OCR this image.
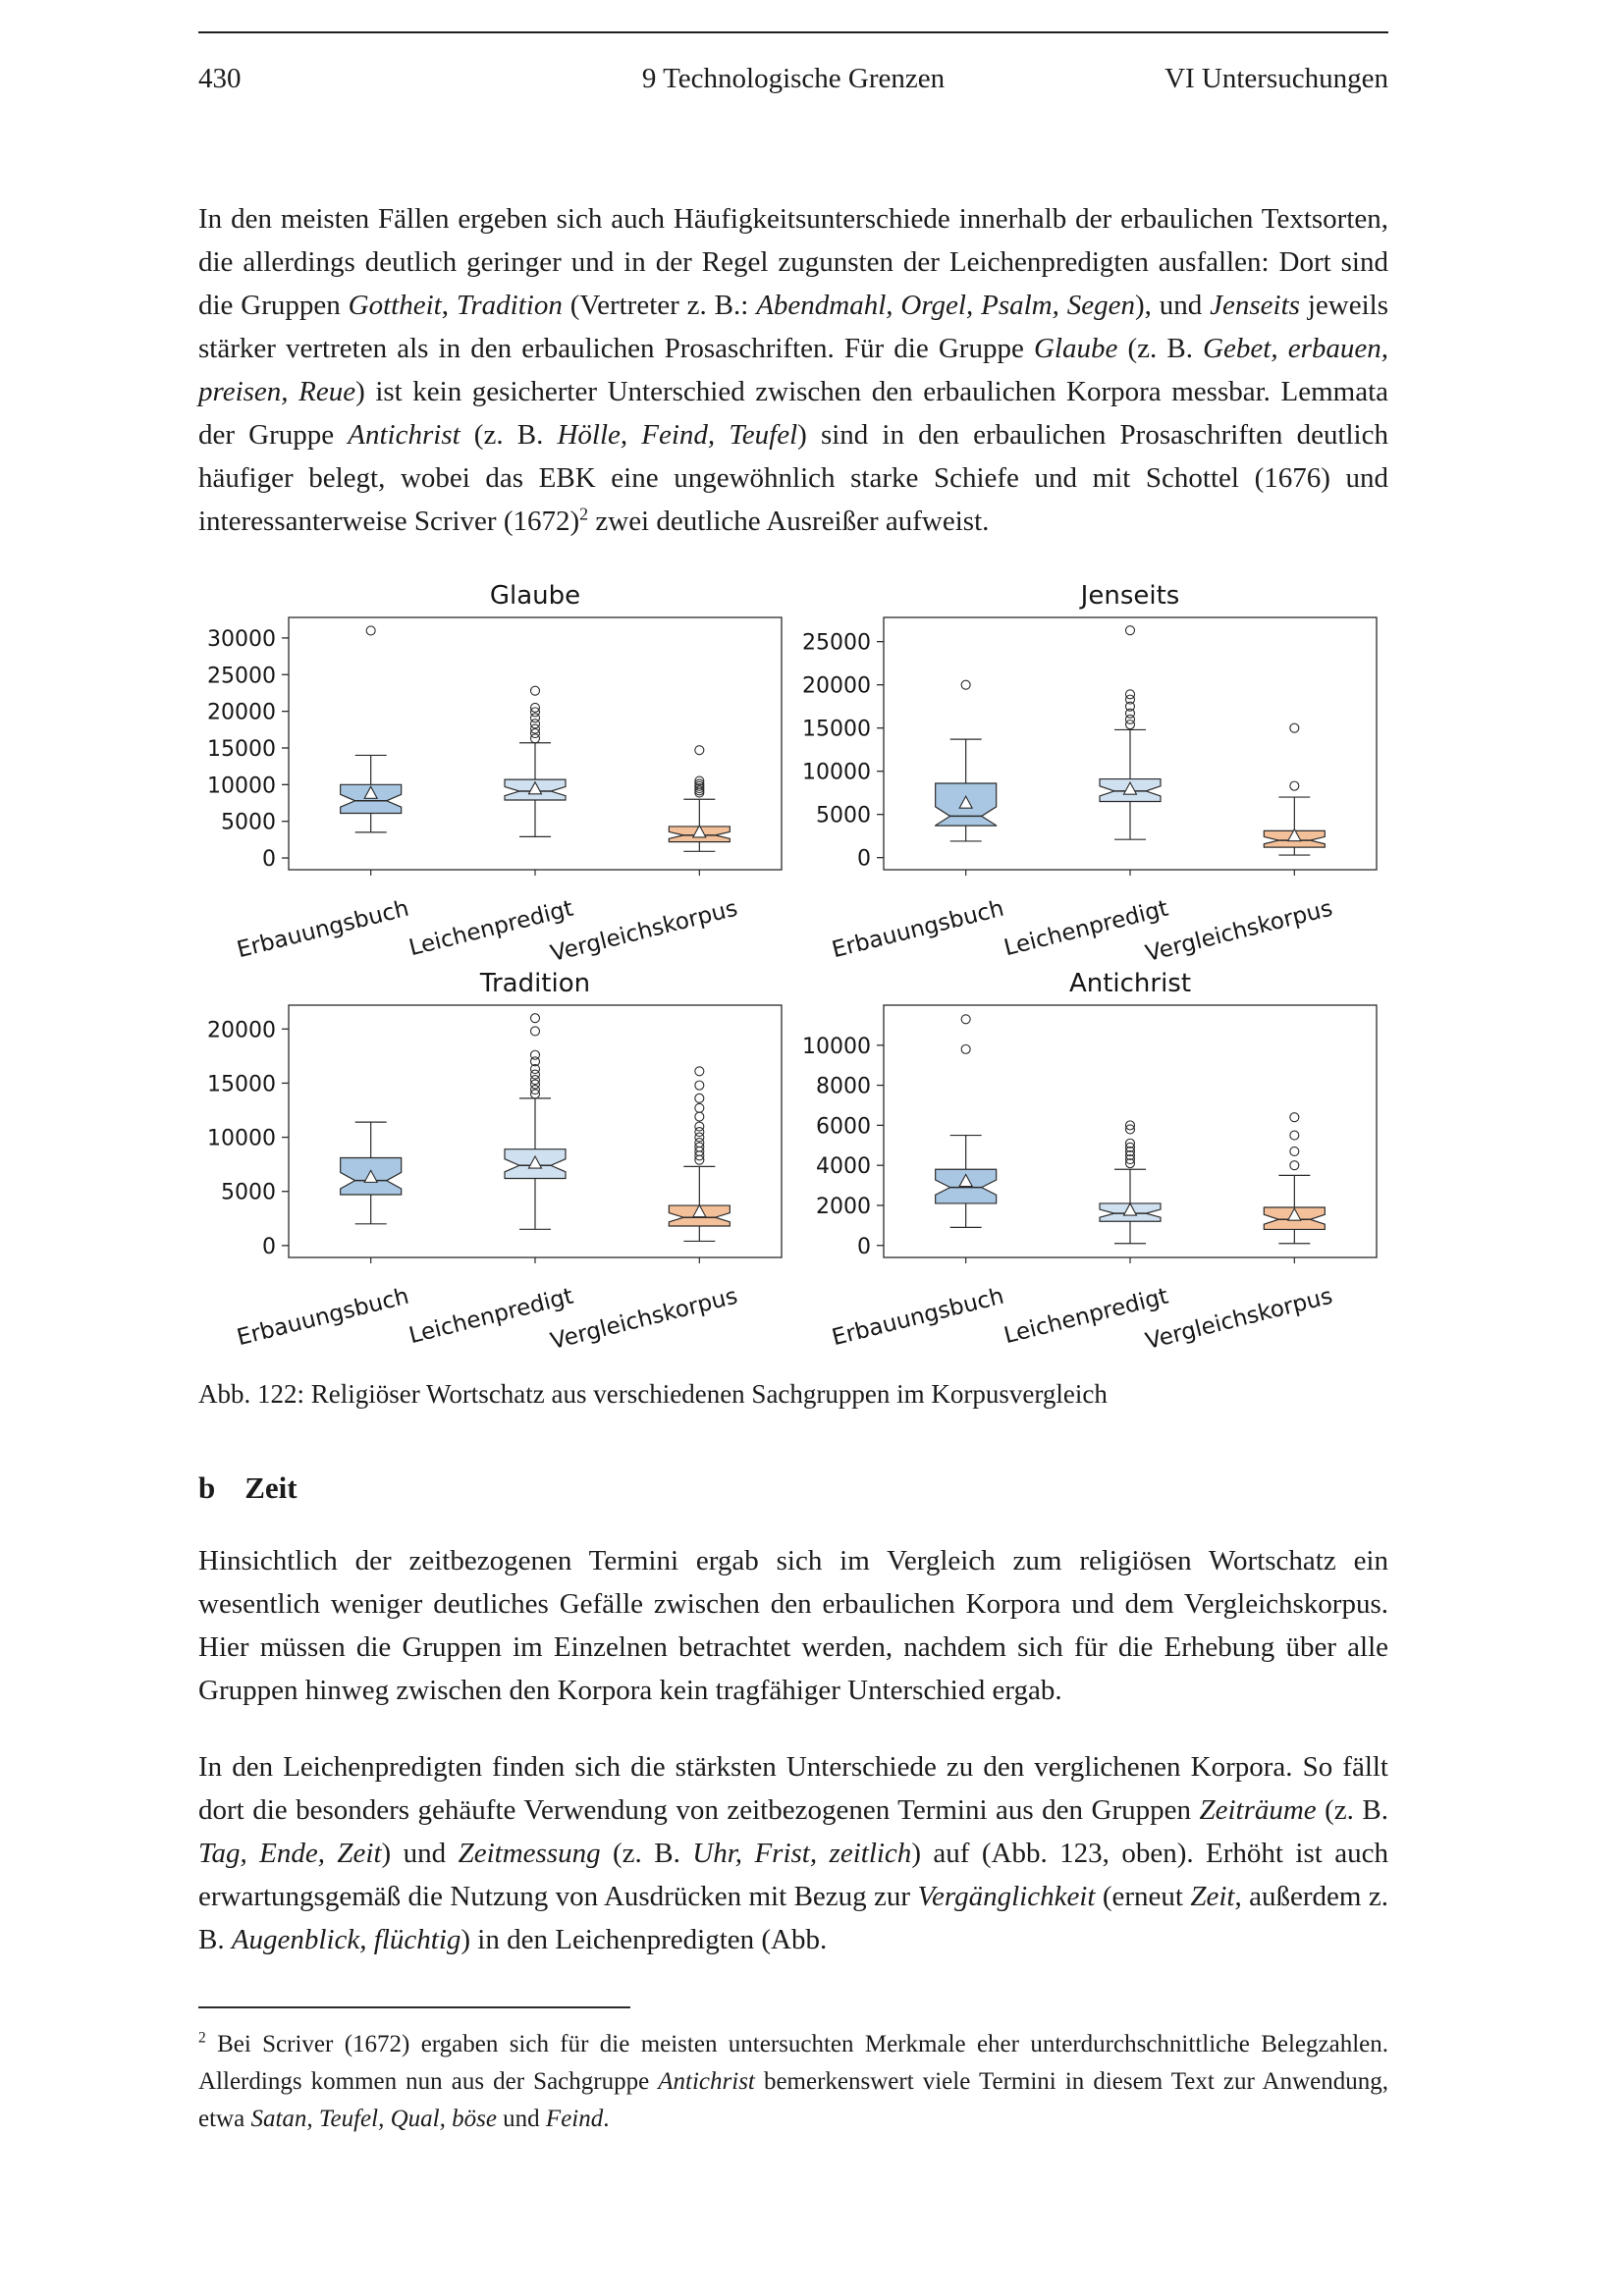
430	9 Technologische Grenzen	VI Untersuchungen

In den meisten Fällen ergeben sich auch Häufigkeitsunterschiede innerhalb der erbaulichen Textsorten, die allerdings deutlich geringer und in der Regel zugunsten der Leichenpredigten ausfallen: Dort sind die Gruppen Gottheit, Tradition (Vertreter z. B.: Abendmahl, Orgel, Psalm, Segen), und Jenseits jeweils stärker vertreten als in den erbaulichen Prosaschriften. Für die Gruppe Glaube (z. B. Gebet, erbauen, preisen, Reue) ist kein gesicherter Unterschied zwischen den erbaulichen Korpora messbar. Lemmata der Gruppe Antichrist (z. B. Hölle, Feind, Teufel) sind in den erbaulichen Prosaschriften deutlich häufiger belegt, wobei das EBK eine ungewöhnlich starke Schiefe und mit Schottel (1676) und interessanterweise Scriver $(1672)^2$ zwei deutliche Ausreißer aufweist.

Glaube
0
5000
10000
15000
20000
25000
30000
Erbauungsbuch
Leichenpredigt
Vergleichskorpus
Jenseits
0
5000
10000
15000
20000
25000
Erbauungsbuch
Leichenpredigt
Vergleichskorpus
Tradition
0
5000
10000
15000
20000
Erbauungsbuch
Leichenpredigt
Vergleichskorpus
Antichrist
0
2000
4000
6000
8000
10000
Erbauungsbuch
Leichenpredigt
Vergleichskorpus
Abb. 122: Religiöser Wortschatz aus verschiedenen Sachgruppen im Korpusvergleich
b Zeit

Hinsichtlich der zeitbezogenen Termini ergab sich im Vergleich zum religiösen Wortschatz ein wesentlich weniger deutliches Gefälle zwischen den erbaulichen Korpora und dem Vergleichskorpus. Hier müssen die Gruppen im Einzelnen betrachtet werden, nachdem sich für die Erhebung über alle Gruppen hinweg zwischen den Korpora kein tragfähiger Unterschied ergab.

In den Leichenpredigten finden sich die stärksten Unterschiede zu den verglichenen Korpora. So fällt dort die besonders gehäufte Verwendung von zeitbezogenen Termini aus den Gruppen Zeiträume (z. B. Tag, Ende, Zeit) und Zeitmessung (z. B. Uhr, Frist, zeitlich) auf (Abb. 123, oben). Erhöht ist auch erwartungsgemäß die Nutzung von Ausdrücken mit Bezug zur Vergänglichkeit (erneut Zeit, außerdem z. B. Augenblick, flüchtig) in den Leichenpredigten (Abb.

$^2$ Bei Scriver (1672) ergaben sich für die meisten untersuchten Merkmale eher unterdurchschnittliche Belegzahlen. Allerdings kommen nun aus der Sachgruppe Antichrist bemerkenswert viele Termini in diesem Text zur Anwendung, etwa Satan, Teufel, Qual, böse und Feind.
